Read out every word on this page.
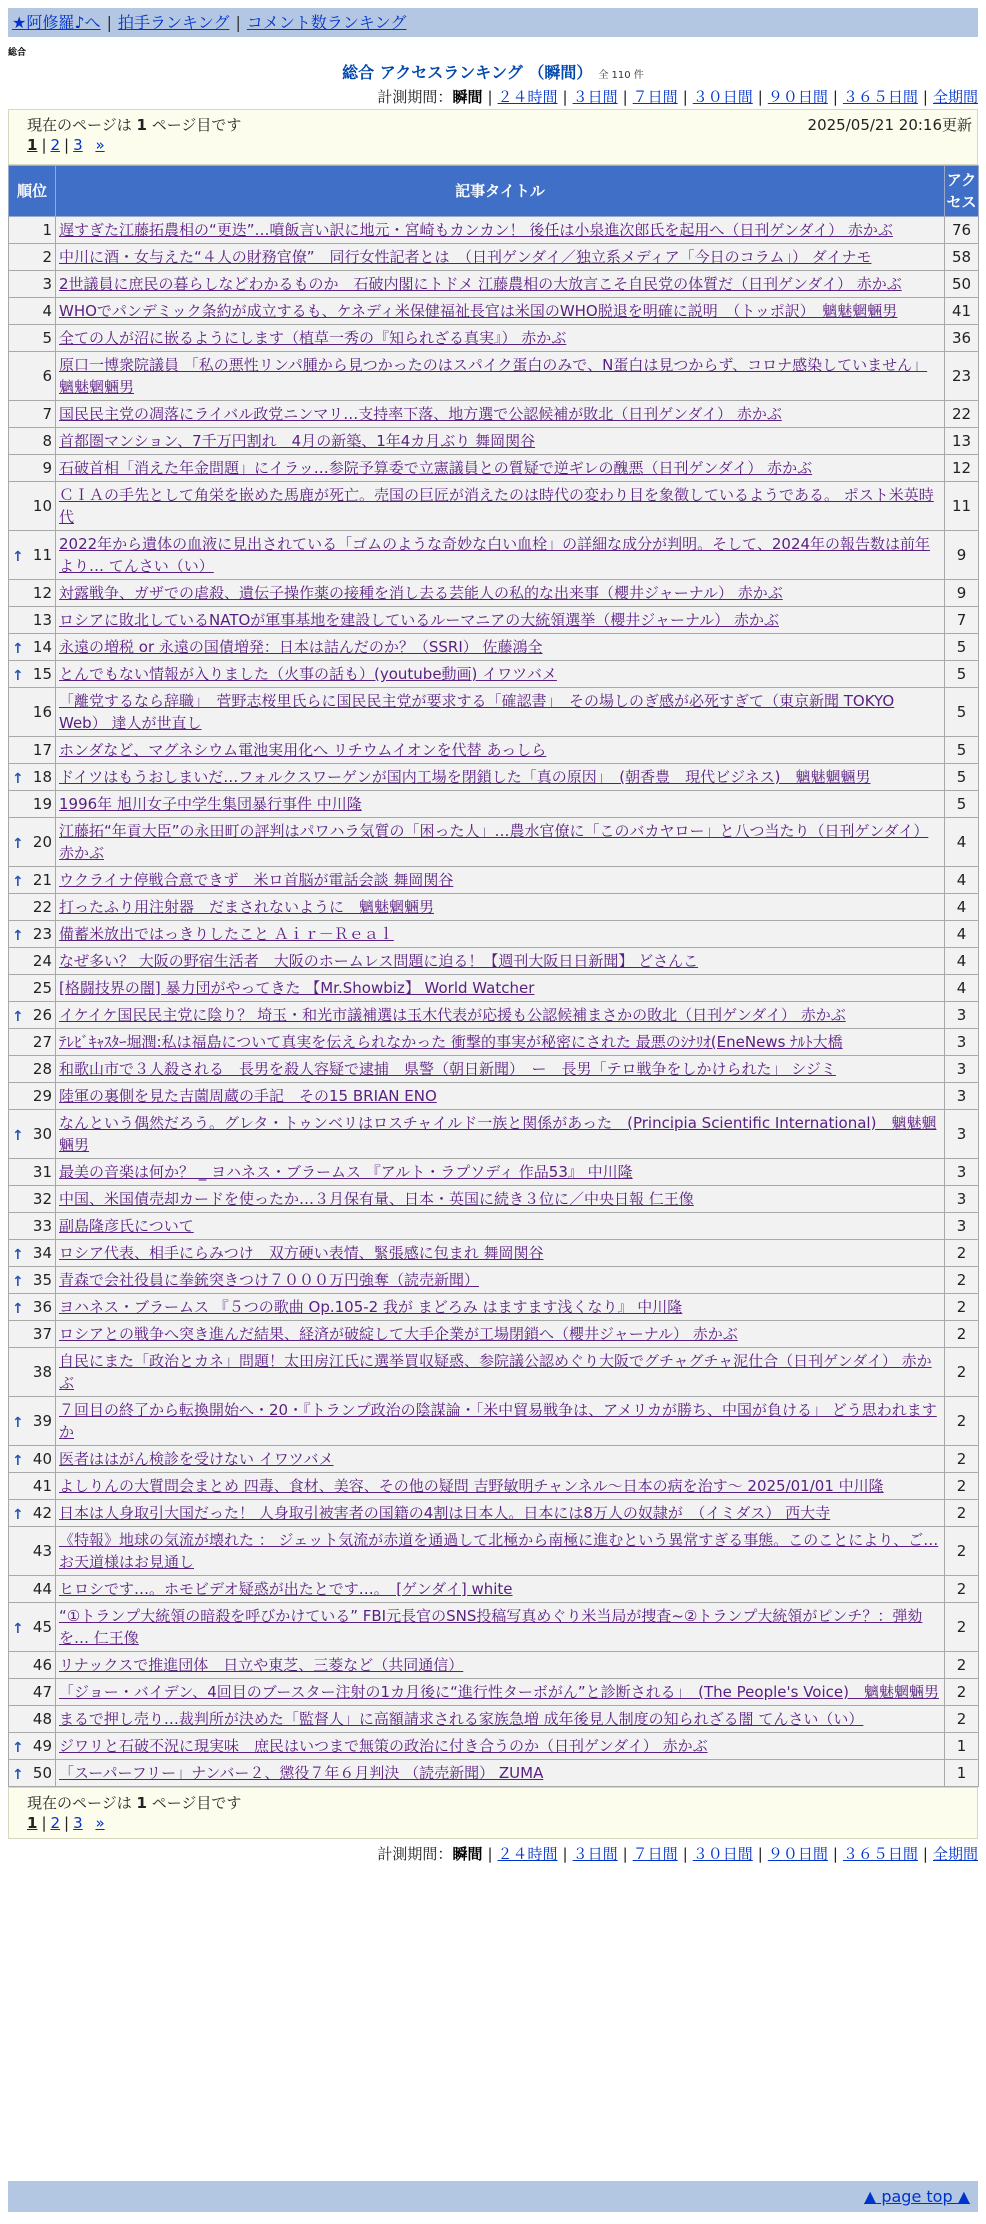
★阿修羅♪へ | 拍手ランキング | コメント数ランキング
総合
総合 アクセスランキング （瞬間） 全 110 件
計測期間：瞬間 | ２４時間 | ３日間 | ７日間 | ３０日間 | ９０日間 | ３６５日間 | 全期間
現在のページは 1 ページ目です	2025/05/21 20:16更新
1 | 2 | 3 »
順位	記事タイトル	アクセス
1	遅すぎた江藤拓農相の“更迭”…噴飯言い訳に地元・宮崎もカンカン！ 後任は小泉進次郎氏を起用へ（日刊ゲンダイ） 赤かぶ	76
2	中川に酒・女与えた“４人の財務官僚”　同行女性記者とは　（日刊ゲンダイ／独立系メディア「今日のコラム」） ダイナモ	58
3	2世議員に庶民の暮らしなどわかるものか　石破内閣にトドメ 江藤農相の大放言こそ自民党の体質だ（日刊ゲンダイ） 赤かぶ	50
4	WHOでパンデミック条約が成立するも、ケネディ米保健福祉長官は米国のWHO脱退を明確に説明　（トッポ訳）　魑魅魍魎男	41
5	全ての人が沼に嵌るようにします（植草一秀の『知られざる真実』） 赤かぶ	36
6	原口一博衆院議員 「私の悪性リンパ腫から見つかったのはスパイク蛋白のみで、N蛋白は見つからず、コロナ感染していません」 魑魅魍魎男	23
7	国民民主党の凋落にライバル政党ニンマリ…支持率下落、地方選で公認候補が敗北（日刊ゲンダイ） 赤かぶ	22
8	首都圏マンション、7千万円割れ　4月の新築、1年4カ月ぶり 舞岡関谷	13
9	石破首相「消えた年金問題」にイラッ…参院予算委で立憲議員との質疑で逆ギレの醜悪（日刊ゲンダイ） 赤かぶ	12
10	ＣＩＡの手先として角栄を嵌めた馬鹿が死亡。売国の巨匠が消えたのは時代の変わり目を象徴しているようである。 ポスト米英時代	11

↑ 11	2022年から遺体の血液に見出されている「ゴムのような奇妙な白い血栓」の詳細な成分が判明。そして、2024年の報告数は前年より… てんさい（い）	9
12	対露戦争、ガザでの虐殺、遺伝子操作薬の接種を消し去る芸能人の私的な出来事（櫻井ジャーナル） 赤かぶ	9
13	ロシアに敗北しているNATOが軍事基地を建設しているルーマニアの大統領選挙（櫻井ジャーナル） 赤かぶ	7

↑ 14	永遠の増税 or 永遠の国債増発：日本は詰んだのか？（SSRI） 佐藤鴻全	5

↑ 15	とんでもない情報が入りました（火事の話も）(youtube動画) イワツバメ	5
16	「離党するなら辞職」　菅野志桜里氏らに国民民主党が要求する「確認書」　その場しのぎ感が必死すぎて（東京新聞 TOKYO Web） 達人が世直し	5
17	ホンダなど、マグネシウム電池実用化へ リチウムイオンを代替 あっしら	5

↑ 18	ドイツはもうおしまいだ…フォルクスワーゲンが国内工場を閉鎖した「真の原因」　(朝香豊　現代ビジネス)　魑魅魍魎男	5
19	1996年 旭川女子中学生集団暴行事件 中川隆	5

↑ 20	江藤拓“年貢大臣”の永田町の評判はパワハラ気質の「困った人」…農水官僚に「このバカヤロー」と八つ当たり（日刊ゲンダイ） 赤かぶ	4

↑ 21	ウクライナ停戦合意できず　米ロ首脳が電話会談 舞岡関谷	4
22	打ったふり用注射器　だまされないように　魑魅魍魎男	4

↑ 23	備蓄米放出ではっきりしたこと Ａｉｒ－Ｒｅａｌ	4
24	なぜ多い？ 大阪の野宿生活者　大阪のホームレス問題に迫る！【週刊大阪日日新聞】 どさんこ	4
25	[格闘技界の闇] 暴力団がやってきた 【Mr.Showbiz】 World Watcher	4

↑ 26	イケイケ国民民主党に陰り？ 埼玉・和光市議補選は玉木代表が応援も公認候補まさかの敗北（日刊ゲンダイ） 赤かぶ	3
27	ﾃﾚﾋﾞｷｬｽﾀｰ堀潤:私は福島について真実を伝えられなかった 衝撃的事実が秘密にされた 最悪のｼﾅﾘｵ(EneNews ﾅﾙﾄ大橋	3
28	和歌山市で３人殺される　長男を殺人容疑で逮捕　県警（朝日新聞）　ー　長男「テロ戦争をしかけられた」 シジミ	3
29	陸軍の裏側を見た吉薗周蔵の手記　その15 BRIAN ENO	3

↑ 30	なんという偶然だろう。グレタ・トゥンベリはロスチャイルド一族と関係があった　(Principia Scientific International)　魑魅魍魎男	3
31	最美の音楽は何か？ _ ヨハネス・ブラームス 『アルト・ラプソディ 作品53』 中川隆	3
32	中国、米国債売却カードを使ったか…３月保有量、日本・英国に続き３位に／中央日報 仁王像	3
33	副島隆彦氏について	3

↑ 34	ロシア代表、相手にらみつけ　双方硬い表情、緊張感に包まれ 舞岡関谷	2

↑ 35	青森で会社役員に拳銃突きつけ７０００万円強奪（読売新聞）	2

↑ 36	ヨハネス・ブラームス 『５つの歌曲 Op.105-2 我が まどろみ はますます浅くなり』 中川隆	2
37	ロシアとの戦争へ突き進んだ結果、経済が破綻して大手企業が工場閉鎖へ（櫻井ジャーナル） 赤かぶ	2
38	自民にまた「政治とカネ」問題！太田房江氏に選挙買収疑惑、参院議公認めぐり大阪でグチャグチャ泥仕合（日刊ゲンダイ） 赤かぶ	2

↑ 39	７回目の終了から転換開始へ・20・『トランプ政治の陰謀論・「米中貿易戦争は、アメリカが勝ち、中国が負ける」 どう思われますか	2

↑ 40	医者ははがん検診を受けない イワツバメ	2
41	よしりんの大質問会まとめ 四毒、食材、美容、その他の疑問 吉野敏明チャンネル～日本の病を治す～ 2025/01/01 中川隆	2

↑ 42	日本は人身取引大国だった！ 人身取引被害者の国籍の4割は日本人。日本には8万人の奴隷が　（イミダス） 西大寺	2
43	《特報》地球の気流が壊れた ： ジェット気流が赤道を通過して北極から南極に進むという異常すぎる事態。このことにより、ご… お天道様はお見通し	2
44	ヒロシです…。ホモビデオ疑惑が出たとです…。　[ゲンダイ] white	2

↑ 45	“①トランプ大統領の暗殺を呼びかけている” FBI元長官のSNS投稿写真めぐり米当局が捜査~②トランプ大統領がピンチ？：弾劾を… 仁王像	2
46	リナックスで推進団体　日立や東芝、三菱など（共同通信）	2
47	「ジョー・バイデン、4回目のブースター注射の1カ月後に“進行性ターボがん”と診断される」　(The People's Voice)　魑魅魍魎男	2
48	まるで押し売り…裁判所が決めた「監督人」に高額請求される家族急増 成年後見人制度の知られざる闇 てんさい（い）	2

↑ 49	ジワリと石破不況に現実味　庶民はいつまで無策の政治に付き合うのか（日刊ゲンダイ） 赤かぶ	1

↑ 50	「スーパーフリー」ナンバー２、懲役７年６月判決 （読売新聞） ZUMA	1
現在のページは 1 ページ目です
1 | 2 | 3 »
計測期間：瞬間 | ２４時間 | ３日間 | ７日間 | ３０日間 | ９０日間 | ３６５日間 | 全期間
▲ page top ▲
